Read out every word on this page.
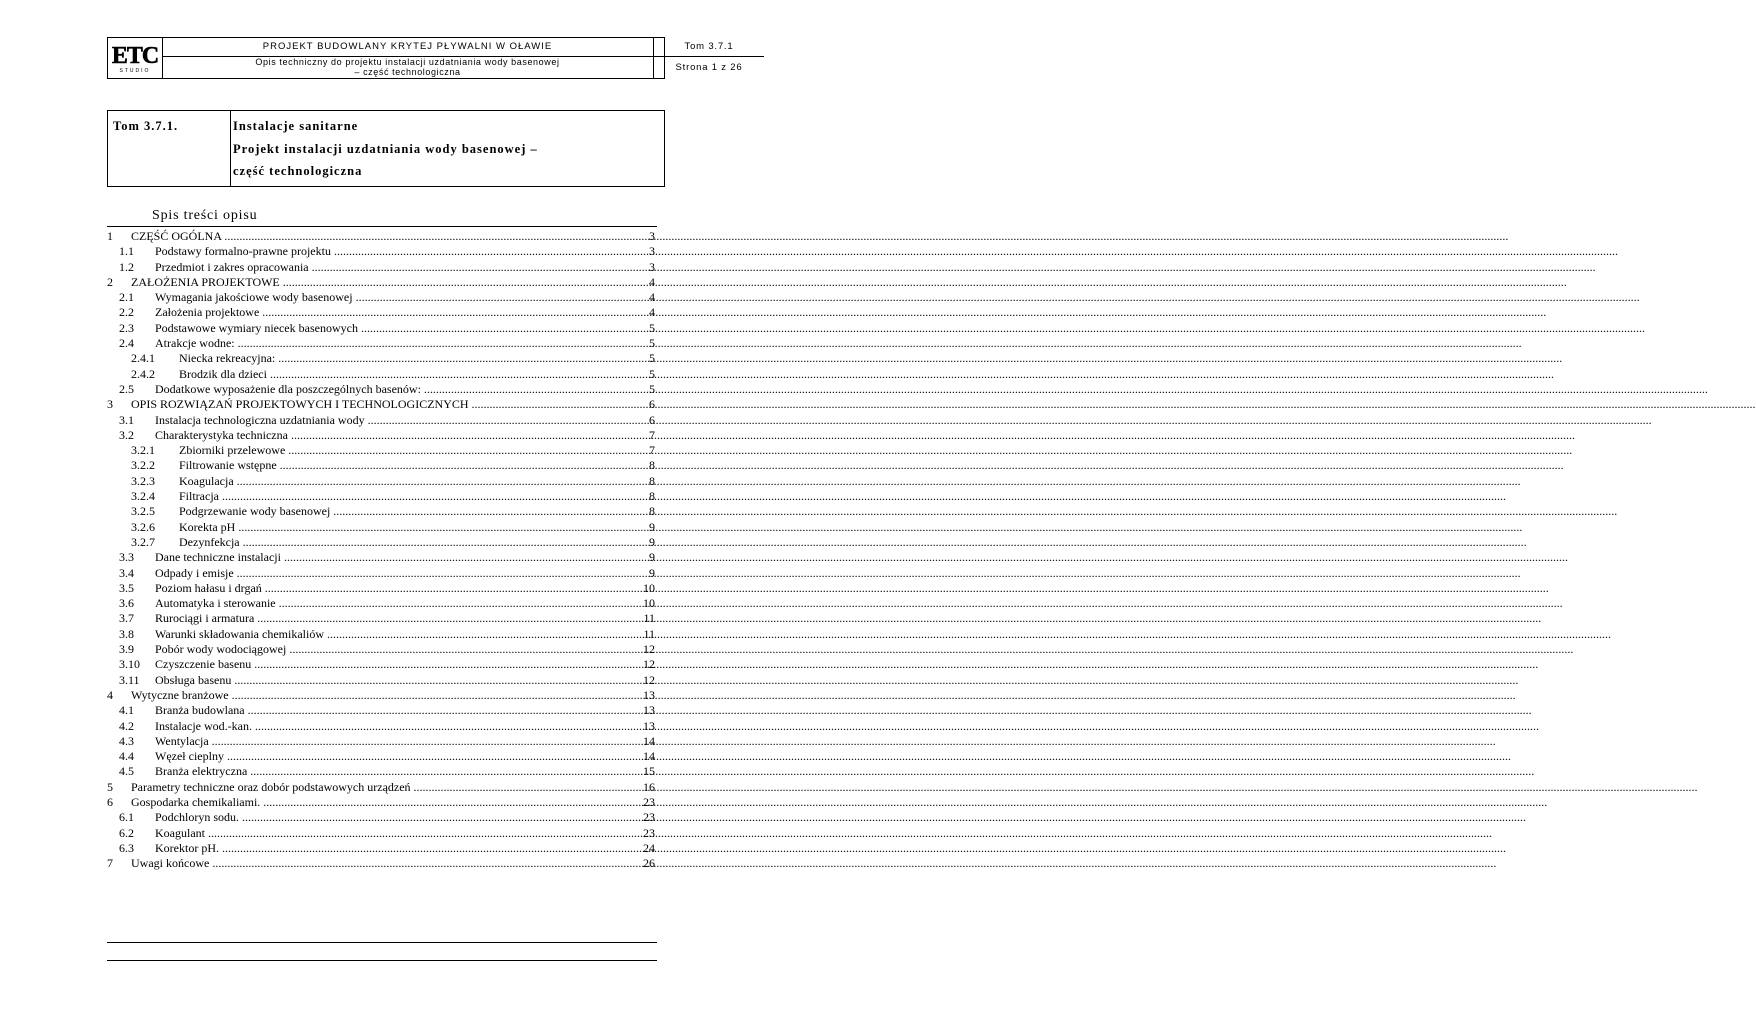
ETC
STUDIO
PROJEKT BUDOWLANY KRYTEJ PŁYWALNI W OŁAWIE
Opis techniczny do projektu instalacji uzdatniania wody basenowej
– część technologiczna
Tom 3.7.1
Strona 1 z 26
Tom 3.7.1.	Instalacje sanitarne
Projekt instalacji uzdatniania wody basenowej –
część technologiczna
Spis treści opisu
1 CZĘŚĆ OGÓLNA .....	3
1.1 Podstawy formalno-prawne projektu .....	3
1.2 Przedmiot i zakres opracowania .....	3
2 ZAŁOŻENIA PROJEKTOWE .....	4
2.1 Wymagania jakościowe wody basenowej .....	4
2.2 Założenia projektowe .....	4
2.3 Podstawowe wymiary niecek basenowych .....	5
2.4 Atrakcje wodne: .....	5
2.4.1 Niecka rekreacyjna: .....	5
2.4.2 Brodzik dla dzieci .....	5
2.5 Dodatkowe wyposażenie dla poszczególnych basenów: .....	5
3 OPIS ROZWIĄZAŃ PROJEKTOWYCH I TECHNOLOGICZNYCH .....	6
3.1 Instalacja technologiczna uzdatniania wody .....	6
3.2 Charakterystyka techniczna .....	7
3.2.1 Zbiorniki przelewowe .....	7
3.2.2 Filtrowanie wstępne .....	8
3.2.3 Koagulacja .....	8
3.2.4 Filtracja .....	8
3.2.5 Podgrzewanie wody basenowej .....	8
3.2.6 Korekta pH .....	9
3.2.7 Dezynfekcja .....	9
3.3 Dane techniczne instalacji .....	9
3.4 Odpady i emisje .....	9
3.5 Poziom hałasu i drgań .....	10
3.6 Automatyka i sterowanie .....	10
3.7 Rurociągi i armatura .....	11
3.8 Warunki składowania chemikaliów .....	11
3.9 Pobór wody wodociągowej .....	12
3.10 Czyszczenie basenu .....	12
3.11 Obsługa basenu .....	12
4 Wytyczne branżowe .....	13
4.1 Branża budowlana .....	13
4.2 Instalacje wod.-kan. .....	13
4.3 Wentylacja .....	14
4.4 Węzeł cieplny .....	14
4.5 Branża elektryczna .....	15
5 Parametry techniczne oraz dobór podstawowych urządzeń .....	16
6 Gospodarka chemikaliami. .....	23
6.1 Podchloryn sodu. .....	23
6.2 Koagulant .....	23
6.3 Korektor pH. .....	24
7 Uwagi końcowe .....	26
